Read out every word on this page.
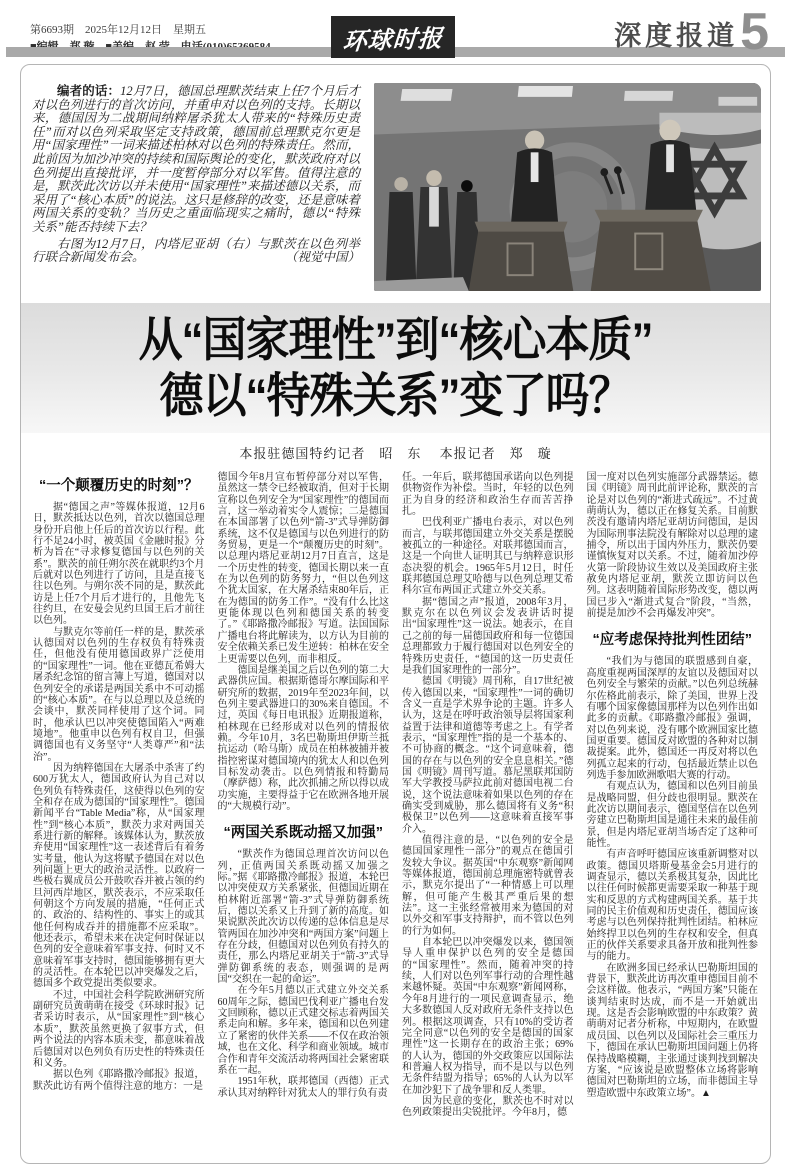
第6693期　2025年12月12日　星期五	环球时报	深度报道 5

编者的话：12月7日，德国总理默茨结束上任7个月后才对以色列进行的首次访问，并重申对以色列的支持。长期以来，德国因为二战期间纳粹屠杀犹太人带来的“特殊历史责任”而对以色列采取坚定支持政策，德国前总理默克尔更是用“国家理性”一词来描述柏林对以色列的特殊责任。然而，此前因为加沙冲突的持续和国际舆论的变化，默茨政府对以色列提出直接批评，并一度暂停部分对以军售。值得注意的是，默茨此次访以并未使用“国家理性”来描述德以关系，而采用了“核心本质”的说法。这只是修辞的改变，还是意味着两国关系的变轨？当历史之重面临现实之痛时，德以“特殊关系”能否持续下去？

右图为12月7日，内塔尼亚胡（右）与默茨在以色列举行联合新闻发布会。	（视觉中国）

从“国家理性”到“核心本质”
德以“特殊关系”变了吗？
本报驻德国特约记者　昭　东　 本报记者　郑　璇
“一个颠覆历史的时刻”？

据“德国之声”等媒体报道，12月6日，默茨抵达以色列，首次以德国总理身份开启他上任后的首次访以行程。此行不足24小时，被英国《金融时报》分析为旨在“寻求修复德国与以色列的关系”。默茨的前任朔尔茨在就职约3个月后就对以色列进行了访问，且是直接飞往以色列。与朔尔茨不同的是，默茨此访是上任7个月后才进行的，且他先飞往约旦，在安曼会见约旦国王后才前往以色列。

与默克尔等前任一样的是，默茨承认德国对以色列的生存权负有特殊责任，但他没有使用德国政界广泛使用的“国家理性”一词。他在亚德瓦希姆大屠杀纪念馆的留言簿上写道，德国对以色列安全的承诺是两国关系中不可动摇的“核心本质”。在与以总理以及总统的会谈中，默茨同样使用了这个词。同时，他承认巴以冲突使德国陷入“两难境地”。他重申以色列有权自卫，但强调德国也有义务坚守“人类尊严”和“法治”。

因为纳粹德国在大屠杀中杀害了约600万犹太人，德国政府认为自己对以色列负有特殊责任，这使得以色列的安全和存在成为德国的“国家理性”。德国新闻平台“Table Media”称，从“国家理性”到“核心本质”，默茨力求对两国关系进行新的解释。该媒体认为，默茨放弃使用“国家理性”这一表述背后有着务实考量，他认为这将赋予德国在对以色列问题上更大的政治灵活性。以政府一些极右翼成员公开鼓吹吞并被占领的约旦河西岸地区，默茨表示，不应采取任何朝这个方向发展的措施，“任何正式的、政治的、结构性的、事实上的或其他任何构成吞并的措施都不应采取”。他还表示，希望未来在决定何时保证以色列的安全意味着军事支持、何时又不意味着军事支持时，德国能够拥有更大的灵活性。在本轮巴以冲突爆发之后，德国多个政党提出类似要求。

不过，中国社会科学院欧洲研究所副研究员黄萌萌在接受《环球时报》记者采访时表示，从“国家理性”到“核心本质”，默茨虽然更换了叙事方式，但两个说法的内容本质未变，都意味着战后德国对以色列负有历史性的特殊责任和义务。

据以色列《耶路撒冷邮报》报道，默茨此访有两个值得注意的地方：一是

德国今年8月宣布暂停部分对以军售，虽然这一禁令已经被取消，但对于长期宣称以色列安全为“国家理性”的德国而言，这一举动着实令人震惊；二是德国在本国部署了以色列“箭-3”式导弹防御系统，这不仅是德国与以色列进行的防务贸易，更是一个“颠覆历史的时刻”。以总理内塔尼亚胡12月7日直言，这是一个历史性的转变，德国长期以来一直在为以色列的防务努力，“但以色列这个犹太国家，在大屠杀结束80年后，正在为德国的防务工作”。“没有什么比这更能体现以色列和德国关系的转变了。”《耶路撒冷邮报》写道。法国国际广播电台将此解读为，以方认为目前的安全依赖关系已发生逆转：柏林在安全上更需要以色列，而非相反。

德国是继美国之后以色列的第二大武器供应国。根据斯德哥尔摩国际和平研究所的数据，2019年至2023年间，以色列主要武器进口的30%来自德国。不过，英国《每日电讯报》近期报道称，柏林现在已经形成对以色列的情报依赖。今年10月，3名巴勒斯坦伊斯兰抵抗运动（哈马斯）成员在柏林被捕并被指控密谋对德国境内的犹太人和以色列目标发动袭击。以色列情报和特勤局（摩萨德）称，此次抓捕之所以得以成功实施，主要得益于它在欧洲各地开展的“大规模行动”。

“两国关系既动摇又加强”

“默茨作为德国总理首次访问以色列，正值两国关系既动摇又加强之际。”据《耶路撒冷邮报》报道，本轮巴以冲突使双方关系紧张，但德国近期在柏林附近部署“箭-3”式导弹防御系统后，德以关系又上升到了新的高度。如果说默茨此次访以传递的总体信息是尽管两国在加沙冲突和“两国方案”问题上存在分歧，但德国对以色列负有持久的责任，那么内塔尼亚胡关于“箭-3”式导弹防御系统的表态，则强调的是两国“交织在一起的命运”。

在今年5月德以正式建立外交关系60周年之际，德国巴伐利亚广播电台发文回顾称，德以正式建交标志着两国关系走向和解。多年来，德国和以色列建立了紧密的伙伴关系——不仅在政治领域，也在文化、科学和商业领域。城市合作和青年交流活动将两国社会紧密联系在一起。

1951年秋，联邦德国（西德）正式承认其对纳粹针对犹太人的罪行负有责

任。一年后，联邦德国承诺向以色列提供物资作为补偿。当时，年轻的以色列正为自身的经济和政治生存而苦苦挣扎。

巴伐利亚广播电台表示，对以色列而言，与联邦德国建立外交关系是摆脱被孤立的一种途径。对联邦德国而言，这是一个向世人证明其已与纳粹意识形态决裂的机会。1965年5月12日，时任联邦德国总理艾哈德与以色列总理艾希科尔宣布两国正式建立外交关系。

据“德国之声”报道，2008年3月，默克尔在以色列议会发表讲话时提出“国家理性”这一说法。她表示，在自己之前的每一届德国政府和每一位德国总理都致力于履行德国对以色列安全的特殊历史责任，“德国的这一历史责任是我们国家理性的一部分”。

德国《明镜》周刊称，自17世纪被传入德国以来，“国家理性”一词的确切含义一直是学术界争论的主题。许多人认为，这是在呼吁政治领导层将国家利益置于法律和道德等考虑之上。有学者表示，“国家理性”指的是一个基本的、不可协商的概念。“这个词意味着，德国的存在与以色列的安全息息相关。”德国《明镜》周刊写道。慕尼黑联邦国防军大学教授马萨拉此前对德国电视二台说，这个说法意味着如果以色列的存在确实受到威胁，那么德国将有义务“积极保卫”以色列——这意味着直接军事介入。

值得注意的是，“以色列的安全是德国国家理性一部分”的观点在德国引发较大争议。据英国“中东观察”新闻网等媒体报道，德国前总理施密特就曾表示，默克尔提出了“一种情感上可以理解，但可能产生极其严重后果的想法”。这一主张经常被用来为德国的对以外交和军事支持辩护，而不管以色列的行为如何。

自本轮巴以冲突爆发以来，德国领导人重申保护以色列的安全是德国的“国家理性”。然而，随着冲突的持续，人们对以色列军事行动的合理性越来越怀疑。英国“中东观察”新闻网称，今年8月进行的一项民意调查显示，绝大多数德国人反对政府无条件支持以色列。根据这项调查，只有10%的受访者完全同意“以色列的安全是德国的国家理性”这一长期存在的政治主张；69%的人认为，德国的外交政策应以国际法和普遍人权为指导，而不是以与以色列无条件结盟为指导；65%的人认为以军在加沙犯下了战争罪和反人类罪。

因为民意的变化，默茨也不时对以色列政策提出尖锐批评。今年8月，德

国一度对以色列实施部分武器禁运。德国《明镜》周刊此前评论称，默茨的言论是对以色列的“渐进式疏远”。不过黄萌萌认为，德以正在修复关系。目前默茨没有邀请内塔尼亚胡访问德国，是因为国际刑事法院没有解除对以总理的逮捕令，所以出于国内外压力，默茨仍要谨慎恢复对以关系。不过，随着加沙停火第一阶段协议生效以及美国政府主张赦免内塔尼亚胡，默茨立即访问以色列。这表明随着国际形势改变，德以两国已步入“渐进式复合”阶段，“当然，前提是加沙不会再爆发冲突”。

“应考虑保持批判性团结”

“我们为与德国的联盟感到自豪，高度重视两国深厚的友谊以及德国对以色列安全与繁荣的贡献。”以色列总统赫尔佐格此前表示，除了美国，世界上没有哪个国家像德国那样为以色列作出如此多的贡献。《耶路撒冷邮报》强调，对以色列来说，没有哪个欧洲国家比德国更重要。德国反对欧盟的各种对以制裁提案。此外，德国还一再反对将以色列孤立起来的行动，包括最近禁止以色列选手参加欧洲歌唱大赛的行动。

有观点认为，德国和以色列目前虽是战略同盟，但分歧也很明显。默茨在此次访以期间表示，德国坚信在以色列旁建立巴勒斯坦国是通往未来的最佳前景，但是内塔尼亚胡当场否定了这种可能性。

有声音呼吁德国应该重新调整对以政策。德国贝塔斯曼基金会5月进行的调查显示，德以关系极其复杂，因此比以往任何时候都更需要采取一种基于现实和反思的方式构建两国关系。基于共同的民主价值观和历史责任，德国应该考虑与以色列保持批判性团结。柏林应始终捍卫以色列的生存权和安全，但真正的伙伴关系要求具备开放和批判性参与的能力。

在欧洲多国已经承认巴勒斯坦国的背景下，默茨此访再次重申德国目前不会这样做。他表示，“两国方案”只能在谈判结束时达成，而不是一开始就出现。这是否会影响欧盟的中东政策？黄萌萌对记者分析称，中短期内，在欧盟成员国、以色列以及国际社会三重压力下，德国在承认巴勒斯坦国问题上仍将保持战略模糊，主张通过谈判找到解决方案，“应该说是欧盟整体立场将影响德国对巴勒斯坦的立场，而非德国主导塑造欧盟中东政策立场”。▲
